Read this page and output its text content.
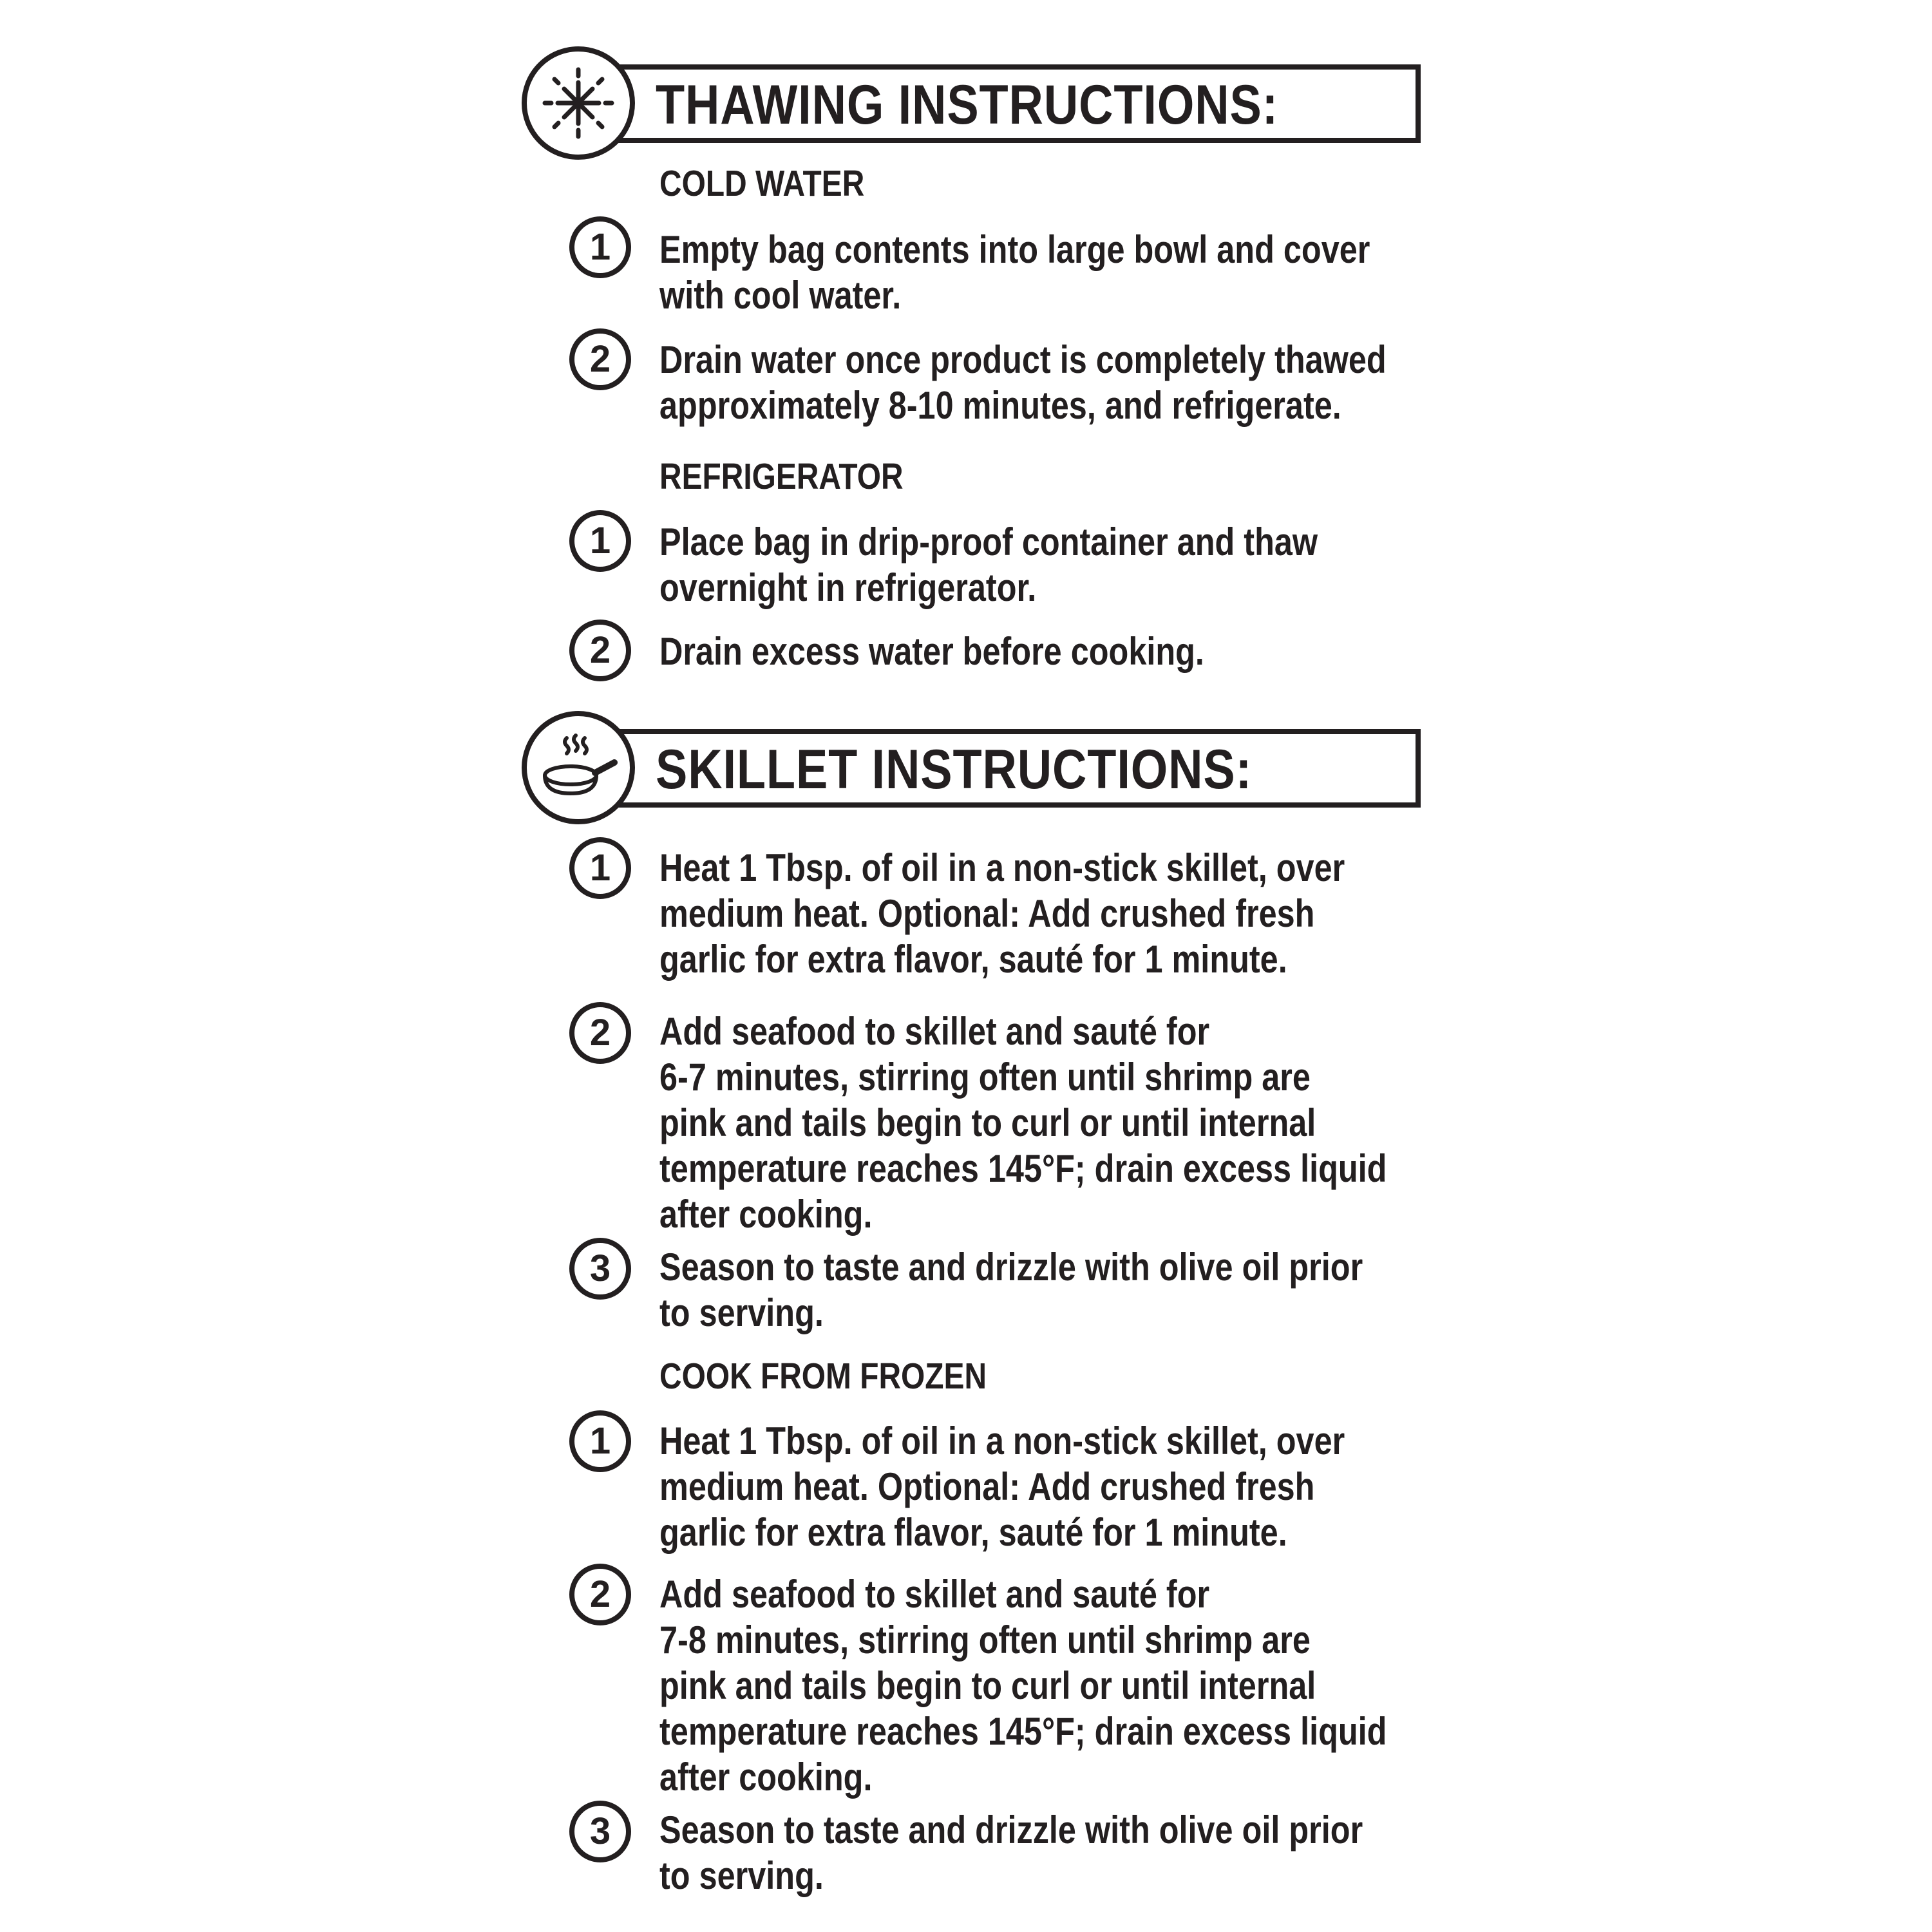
THAWING INSTRUCTIONS:
COLD WATER
1	Empty bag contents into large bowl and cover
with cool water.
2	Drain water once product is completely thawed
approximately 8-10 minutes, and refrigerate.
REFRIGERATOR
1	Place bag in drip-proof container and thaw
overnight in refrigerator.
2	Drain excess water before cooking.
SKILLET INSTRUCTIONS:
1	Heat 1 Tbsp. of oil in a non-stick skillet, over
medium heat. Optional: Add crushed fresh
garlic for extra flavor, sauté for 1 minute.
2	Add seafood to skillet and sauté for
6-7 minutes, stirring often until shrimp are
pink and tails begin to curl or until internal
temperature reaches 145°F; drain excess liquid
after cooking.
3	Season to taste and drizzle with olive oil prior
to serving.
COOK FROM FROZEN
1	Heat 1 Tbsp. of oil in a non-stick skillet, over
medium heat. Optional: Add crushed fresh
garlic for extra flavor, sauté for 1 minute.
2	Add seafood to skillet and sauté for
7-8 minutes, stirring often until shrimp are
pink and tails begin to curl or until internal
temperature reaches 145°F; drain excess liquid
after cooking.
3	Season to taste and drizzle with olive oil prior
to serving.
